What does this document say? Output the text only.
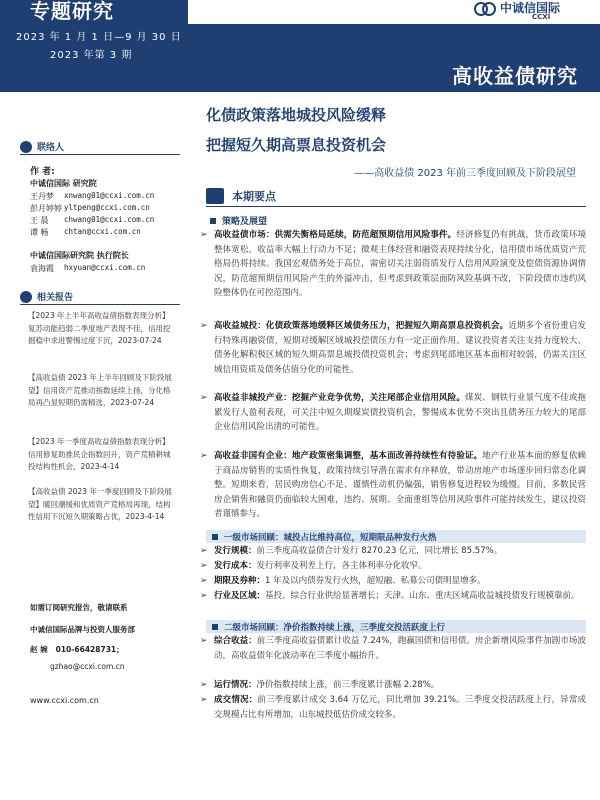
专题研究
2023 年 1 月 1 日—9 月 30 日
2023 年第 3 期
高收益债研究
中诚信国际
CCXI
联络人
作 者:
中诚信国际 研究院
王丹梦	xnwang01@ccxi.com.cn
彭月婷婷 yltpeng@ccxi.com.cn
王 晨	chwang01@ccxi.com.cn
谭 畅	chtan@ccxi.com.cn
中诚信国际研究院 执行院长
袁海霞	hxyuan@ccxi.com.cn
相关报告
【2023 年上半年高收益债指数表现分析】复苏动能趋弱二季度地产表现不佳，信用挖掘稳中求进警惕过度下沉，2023-07-24
【高收益债 2023 年上半年回顾及下阶段展望】信用资产荒推动指数延续上扬，分化格局再凸显短期仍需精选，2023-07-24
【2023 年一季度高收益债指数表现分析】信用修复助推民企指数回升，资产荒精耕城投结构性机会，2023-4-14
【高收益债 2023 年一季度回顾及下阶段展望】暖回潮缓和优质资产荒格局再现，结构性信用下沉短久期策略占优，2023-4-14
如需订阅研究报告，敬请联系
中诚信国际品牌与投资人服务部
赵 婉 010-66428731；
gzhao@ccxi.com.cn
www.ccxi.com.cn
化债政策落地城投风险缓释
把握短久期高票息投资机会
——高收益债 2023 年前三季度回顾及下阶段展望
本期要点
策略及展望
➢ 高收益债市场：供需失衡格局延续，防范超预期信用风险事件。经济修复仍有挑战，货币政策环境整体宽松，收益率大幅上行动力不足；微观主体经营和融资表现持续分化，信用债市场优质资产荒格局仍将持续。我国宏观债务处于高位，需密切关注弱资质发行人信用风险演变及偿债资源协调情况，防范超预期信用风险产生的外溢冲击，但考虑到政策层面防风险基调不改，下阶段债市违约风险整体仍在可控范围内。
➢ 高收益城投：化债政策落地缓释区域债务压力，把握短久期高票息投资机会。近期多个省份重启发行特殊再融资债，短期对缓解区域城投偿债压力有一定正面作用。建议投资者关注支持力度较大、债务化解积极区域的短久期高票息城投债投资机会；考虑到尾部地区基本面相对较弱，仍需关注区域信用资质及债务估值分化的可能性。
➢ 高收益非城投产业：挖掘产业竞争优势，关注尾部企业信用风险。煤炭、钢铁行业景气度不佳或拖累发行人盈利表现，可关注中短久期煤炭债投资机会，警惕成本优势不突出且债务压力较大的尾部企业信用风险出清的可能性。
➢ 高收益非国有企业：地产政策密集调整，基本面改善持续性有待验证。地产行业基本面的修复依赖于商品房销售的实质性恢复，政策持续引导潜在需求有序释放，带动房地产市场逐步回归常态化调整。短期来看，居民购房信心不足、谨慎性动机仍偏强，销售修复进程较为缓慢。目前，多数民营房企销售和融资仍面临较大困难，违约、展期、全面重组等信用风险事件可能持续发生，建议投资者谨慎参与。
一级市场回顾：城投占比维持高位，短期限品种发行火热
➢ 发行规模：前三季度高收益债合计发行 8270.23 亿元，同比增长 85.57%。
➢ 发行成本：发行利率及利差上行，各主体利率分化收窄。
➢ 期限及券种：1 年及以内债券发行火热，超短融、私募公司债明显增多。
➢ 行业及区域：基投、综合行业供给显著增长；天津、山东、重庆区域高收益城投债发行规模靠前。
二级市场回顾：净价指数持续上涨，三季度交投活跃度上行
➢ 综合收益：前三季度高收益债累计收益 7.24%，跑赢国债和信用债。房企新增风险事件加剧市场波动，高收益债年化波动率在三季度小幅抬升。
➢ 运行情况：净价指数持续上涨，前三季度累计涨幅 2.28%。
➢ 成交情况：前三季度累计成交 3.64 万亿元，同比增加 39.21%。三季度交投活跃度上行，异常成交规模占比有所增加，山东城投低估价成交较多。
